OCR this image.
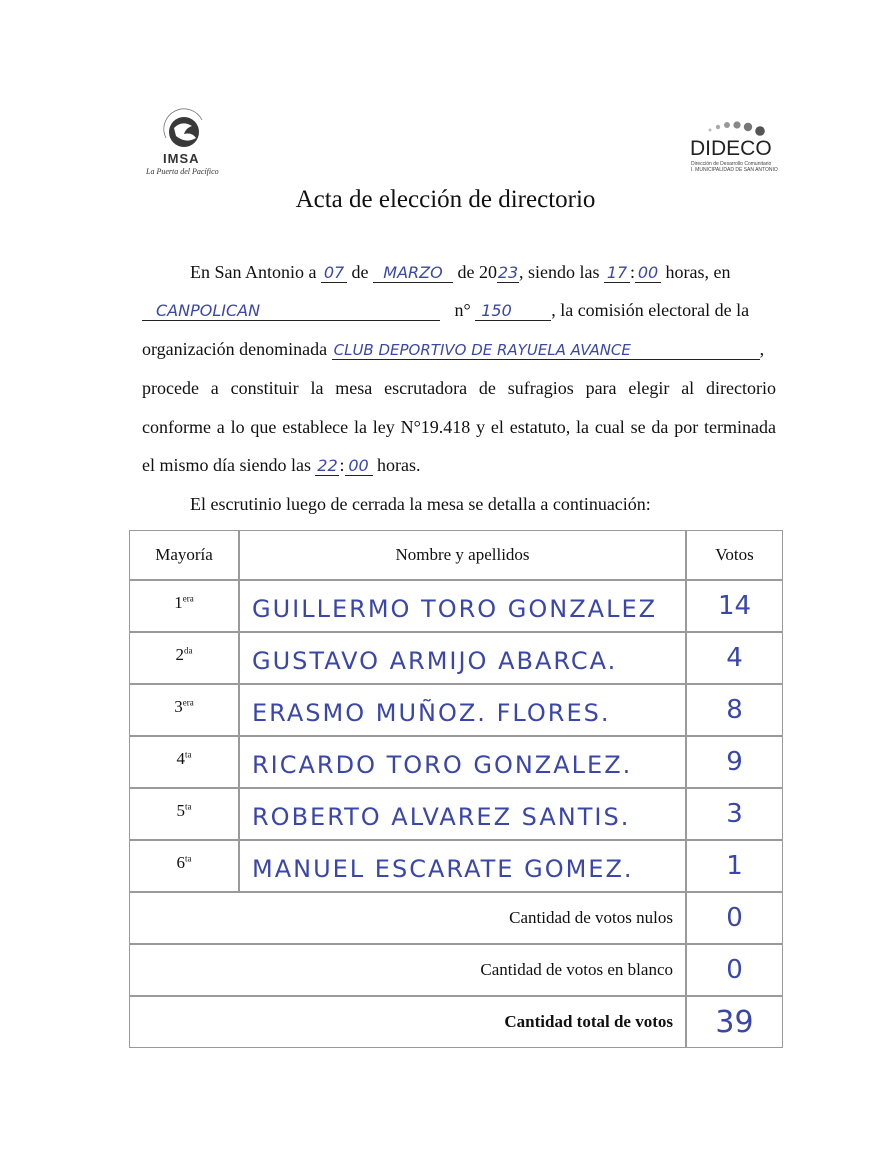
IMSA
La Puerta del Pacífico
DIDECO
Dirección de Desarrollo Comunitario
I. MUNICIPALIDAD DE SAN ANTONIO
Acta de elección de directorio
En San Antonio a 07 de MARZO de 2023, siendo las 17 : 00 horas, en
CANPOLICAN	n° 150 , la comisión electoral de la
organización denominada CLUB DEPORTIVO DE RAYUELA AVANCE	,
procede a constituir la mesa escrutadora de sufragios para elegir al directorio
conforme a lo que establece la ley N°19.418 y el estatuto, la cual se da por terminada
el mismo día siendo las 22 : 00 horas.
El escrutinio luego de cerrada la mesa se detalla a continuación:
Mayoría	Nombre y apellidos	Votos
$1^{era}$	GUILLERMO TORO GONZALEZ	14
$2^{da}$	GUSTAVO ARMIJO ABARCA.	4
$3^{era}$	ERASMO MUÑOZ. FLORES.	8
$4^{ta}$	RICARDO TORO GONZALEZ.	9
$5^{ta}$	ROBERTO ALVAREZ SANTIS.	3
$6^{ta}$	MANUEL ESCARATE GOMEZ.	1
Cantidad de votos nulos	0
Cantidad de votos en blanco	0
Cantidad total de votos	39
